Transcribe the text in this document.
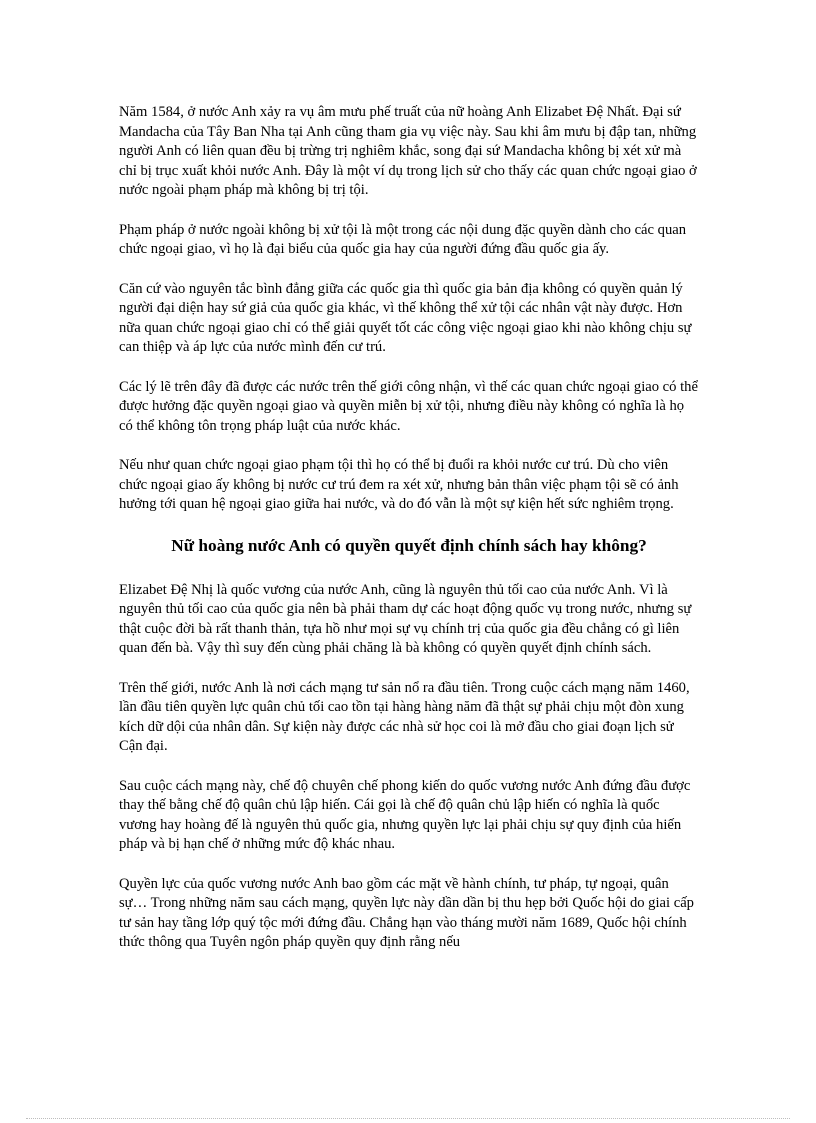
Năm 1584, ở nước Anh xảy ra vụ âm mưu phế truất của nữ hoàng Anh Elizabet Đệ Nhất. Đại sứ Mandacha của Tây Ban Nha tại Anh cũng tham gia vụ việc này. Sau khi âm mưu bị đập tan, những người Anh có liên quan đều bị trừng trị nghiêm khắc, song đại sứ Mandacha không bị xét xử mà chỉ bị trục xuất khỏi nước Anh. Đây là một ví dụ trong lịch sử cho thấy các quan chức ngoại giao ở nước ngoài phạm pháp mà không bị trị tội.

Phạm pháp ở nước ngoài không bị xử tội là một trong các nội dung đặc quyền dành cho các quan chức ngoại giao, vì họ là đại biểu của quốc gia hay của người đứng đầu quốc gia ấy.

Căn cứ vào nguyên tắc bình đẳng giữa các quốc gia thì quốc gia bản địa không có quyền quản lý người đại diện hay sứ giả của quốc gia khác, vì thế không thể xử tội các nhân vật này được. Hơn nữa quan chức ngoại giao chỉ có thể giải quyết tốt các công việc ngoại giao khi nào không chịu sự can thiệp và áp lực của nước mình đến cư trú.

Các lý lẽ trên đây đã được các nước trên thế giới công nhận, vì thế các quan chức ngoại giao có thể được hưởng đặc quyền ngoại giao và quyền miễn bị xử tội, nhưng điều này không có nghĩa là họ có thể không tôn trọng pháp luật của nước khác.

Nếu như quan chức ngoại giao phạm tội thì họ có thể bị đuổi ra khỏi nước cư trú. Dù cho viên chức ngoại giao ấy không bị nước cư trú đem ra xét xử, nhưng bản thân việc phạm tội sẽ có ảnh hưởng tới quan hệ ngoại giao giữa hai nước, và do đó vẫn là một sự kiện hết sức nghiêm trọng.

Nữ hoàng nước Anh có quyền quyết định chính sách hay không?

Elizabet Đệ Nhị là quốc vương của nước Anh, cũng là nguyên thủ tối cao của nước Anh. Vì là nguyên thủ tối cao của quốc gia nên bà phải tham dự các hoạt động quốc vụ trong nước, nhưng sự thật cuộc đời bà rất thanh thản, tựa hồ như mọi sự vụ chính trị của quốc gia đều chẳng có gì liên quan đến bà. Vậy thì suy đến cùng phải chăng là bà không có quyền quyết định chính sách.

Trên thế giới, nước Anh là nơi cách mạng tư sản nổ ra đầu tiên. Trong cuộc cách mạng năm 1460, lần đầu tiên quyền lực quân chủ tối cao tồn tại hàng hàng năm đã thật sự phải chịu một đòn xung kích dữ dội của nhân dân. Sự kiện này được các nhà sử học coi là mở đầu cho giai đoạn lịch sử Cận đại.

Sau cuộc cách mạng này, chế độ chuyên chế phong kiến do quốc vương nước Anh đứng đầu được thay thế bằng chế độ quân chủ lập hiến. Cái gọi là chế độ quân chủ lập hiến có nghĩa là quốc vương hay hoàng đế là nguyên thủ quốc gia, nhưng quyền lực lại phải chịu sự quy định của hiến pháp và bị hạn chế ở những mức độ khác nhau.

Quyền lực của quốc vương nước Anh bao gồm các mặt về hành chính, tư pháp, tự ngoại, quân sự… Trong những năm sau cách mạng, quyền lực này dần dần bị thu hẹp bởi Quốc hội do giai cấp tư sản hay tầng lớp quý tộc mới đứng đầu. Chẳng hạn vào tháng mười năm 1689, Quốc hội chính thức thông qua Tuyên ngôn pháp quyền quy định rằng nếu
